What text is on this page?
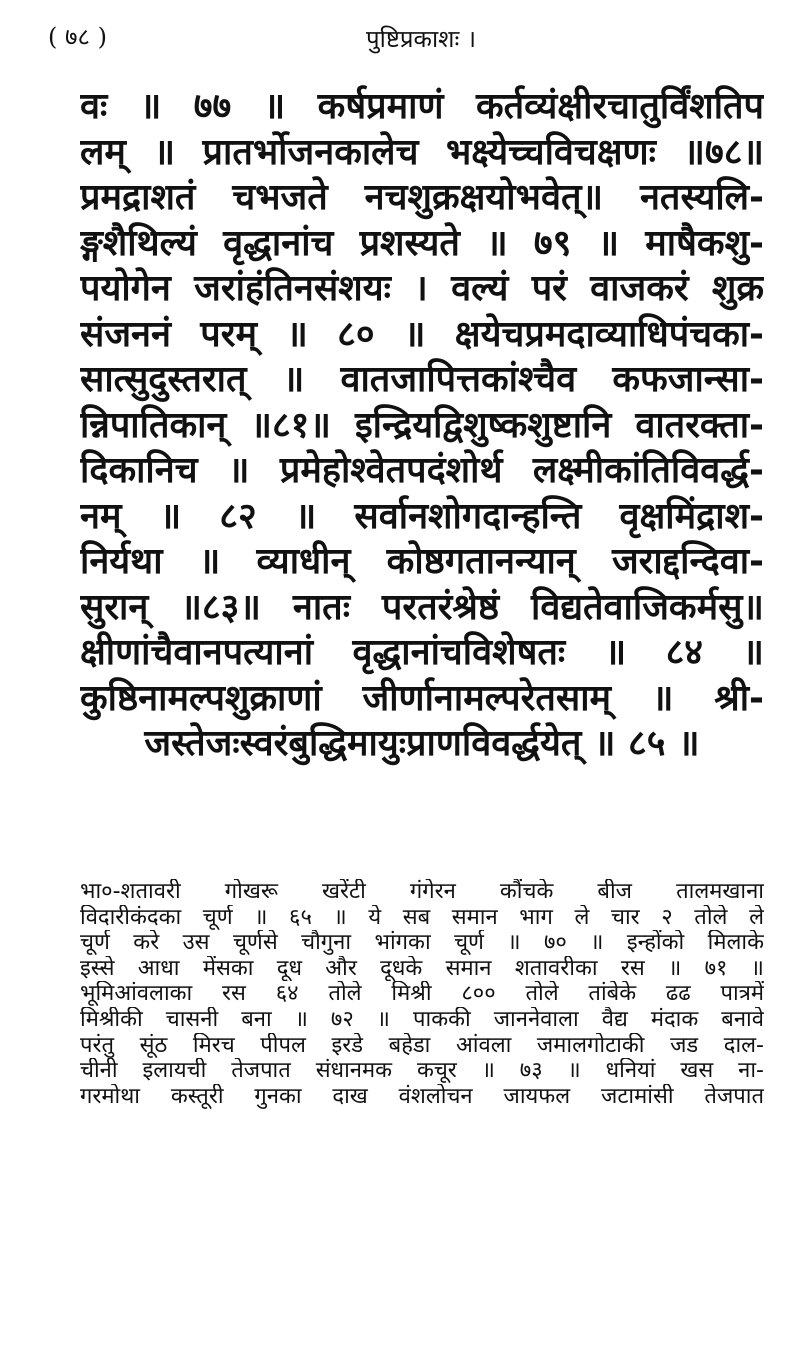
( ७८ )	पुष्टिप्रकाशः ।
वः ॥ ७७ ॥ कर्षप्रमाणं कर्तव्यंक्षीरचातुर्विंशतिप
लम् ॥ प्रातर्भोजनकालेच भक्ष्येच्चविचक्षणः ॥७८॥
प्रमद्राशतं चभजते नचशुक्रक्षयोभवेत्॥ नतस्यलि-
ङ्गशैथिल्यं वृद्धानांच प्रशस्यते ॥ ७९ ॥ माषैकशु-
पयोगेन जरांहंतिनसंशयः । वल्यं परं वाजकरं शुक्र
संजननं परम् ॥ ८० ॥ क्षयेचप्रमदाव्याधिपंचका-
सात्सुदुस्तरात् ॥ वातजापित्तकांश्चैव कफजान्सा-
न्निपातिकान् ॥८१॥ इन्द्रियद्विशुष्कशुष्टानि वातरक्ता-
दिकानिच ॥ प्रमेहोश्वेतपदंशोर्थ लक्ष्मीकांतिविवर्द्ध-
नम् ॥ ८२ ॥ सर्वानशोगदान्हन्ति वृक्षमिंद्राश-
निर्यथा ॥ व्याधीन् कोष्ठगतानन्यान् जराद्दन्दिवा-
सुरान् ॥८३॥ नातः परतरंश्रेष्ठं विद्यतेवाजिकर्मसु॥
क्षीणांचैवानपत्यानां वृद्धानांचविशेषतः ॥ ८४ ॥
कुष्ठिनामल्पशुक्राणां जीर्णानामल्परेतसाम् ॥ श्री-
जस्तेजःस्वरंबुद्धिमायुःप्राणविवर्द्धयेत् ॥ ८५ ॥
भा०-शतावरी गोखरू खरेंटी गंगेरन कौंचके बीज तालमखाना
विदारीकंदका चूर्ण ॥ ६५ ॥ ये सब समान भाग ले चार २ तोले ले
चूर्ण करे उस चूर्णसे चौगुना भांगका चूर्ण ॥ ७० ॥ इन्होंको मिलाके
इस्से आधा मेंसका दूध और दूधके समान शतावरीका रस ॥ ७१ ॥
भूमिआंवलाका रस ६४ तोले मिश्री ८०० तोले तांबेके ढढ पात्रमें
मिश्रीकी चासनी बना ॥ ७२ ॥ पाककी जाननेवाला वैद्य मंदाक बनावे
परंतु सूंठ मिरच पीपल इरडे बहेडा आंवला जमालगोटाकी जड दाल-
चीनी इलायची तेजपात संधानमक कचूर ॥ ७३ ॥ धनियां खस ना-
गरमोथा कस्तूरी गुनका दाख वंशलोचन जायफल जटामांसी तेजपात
